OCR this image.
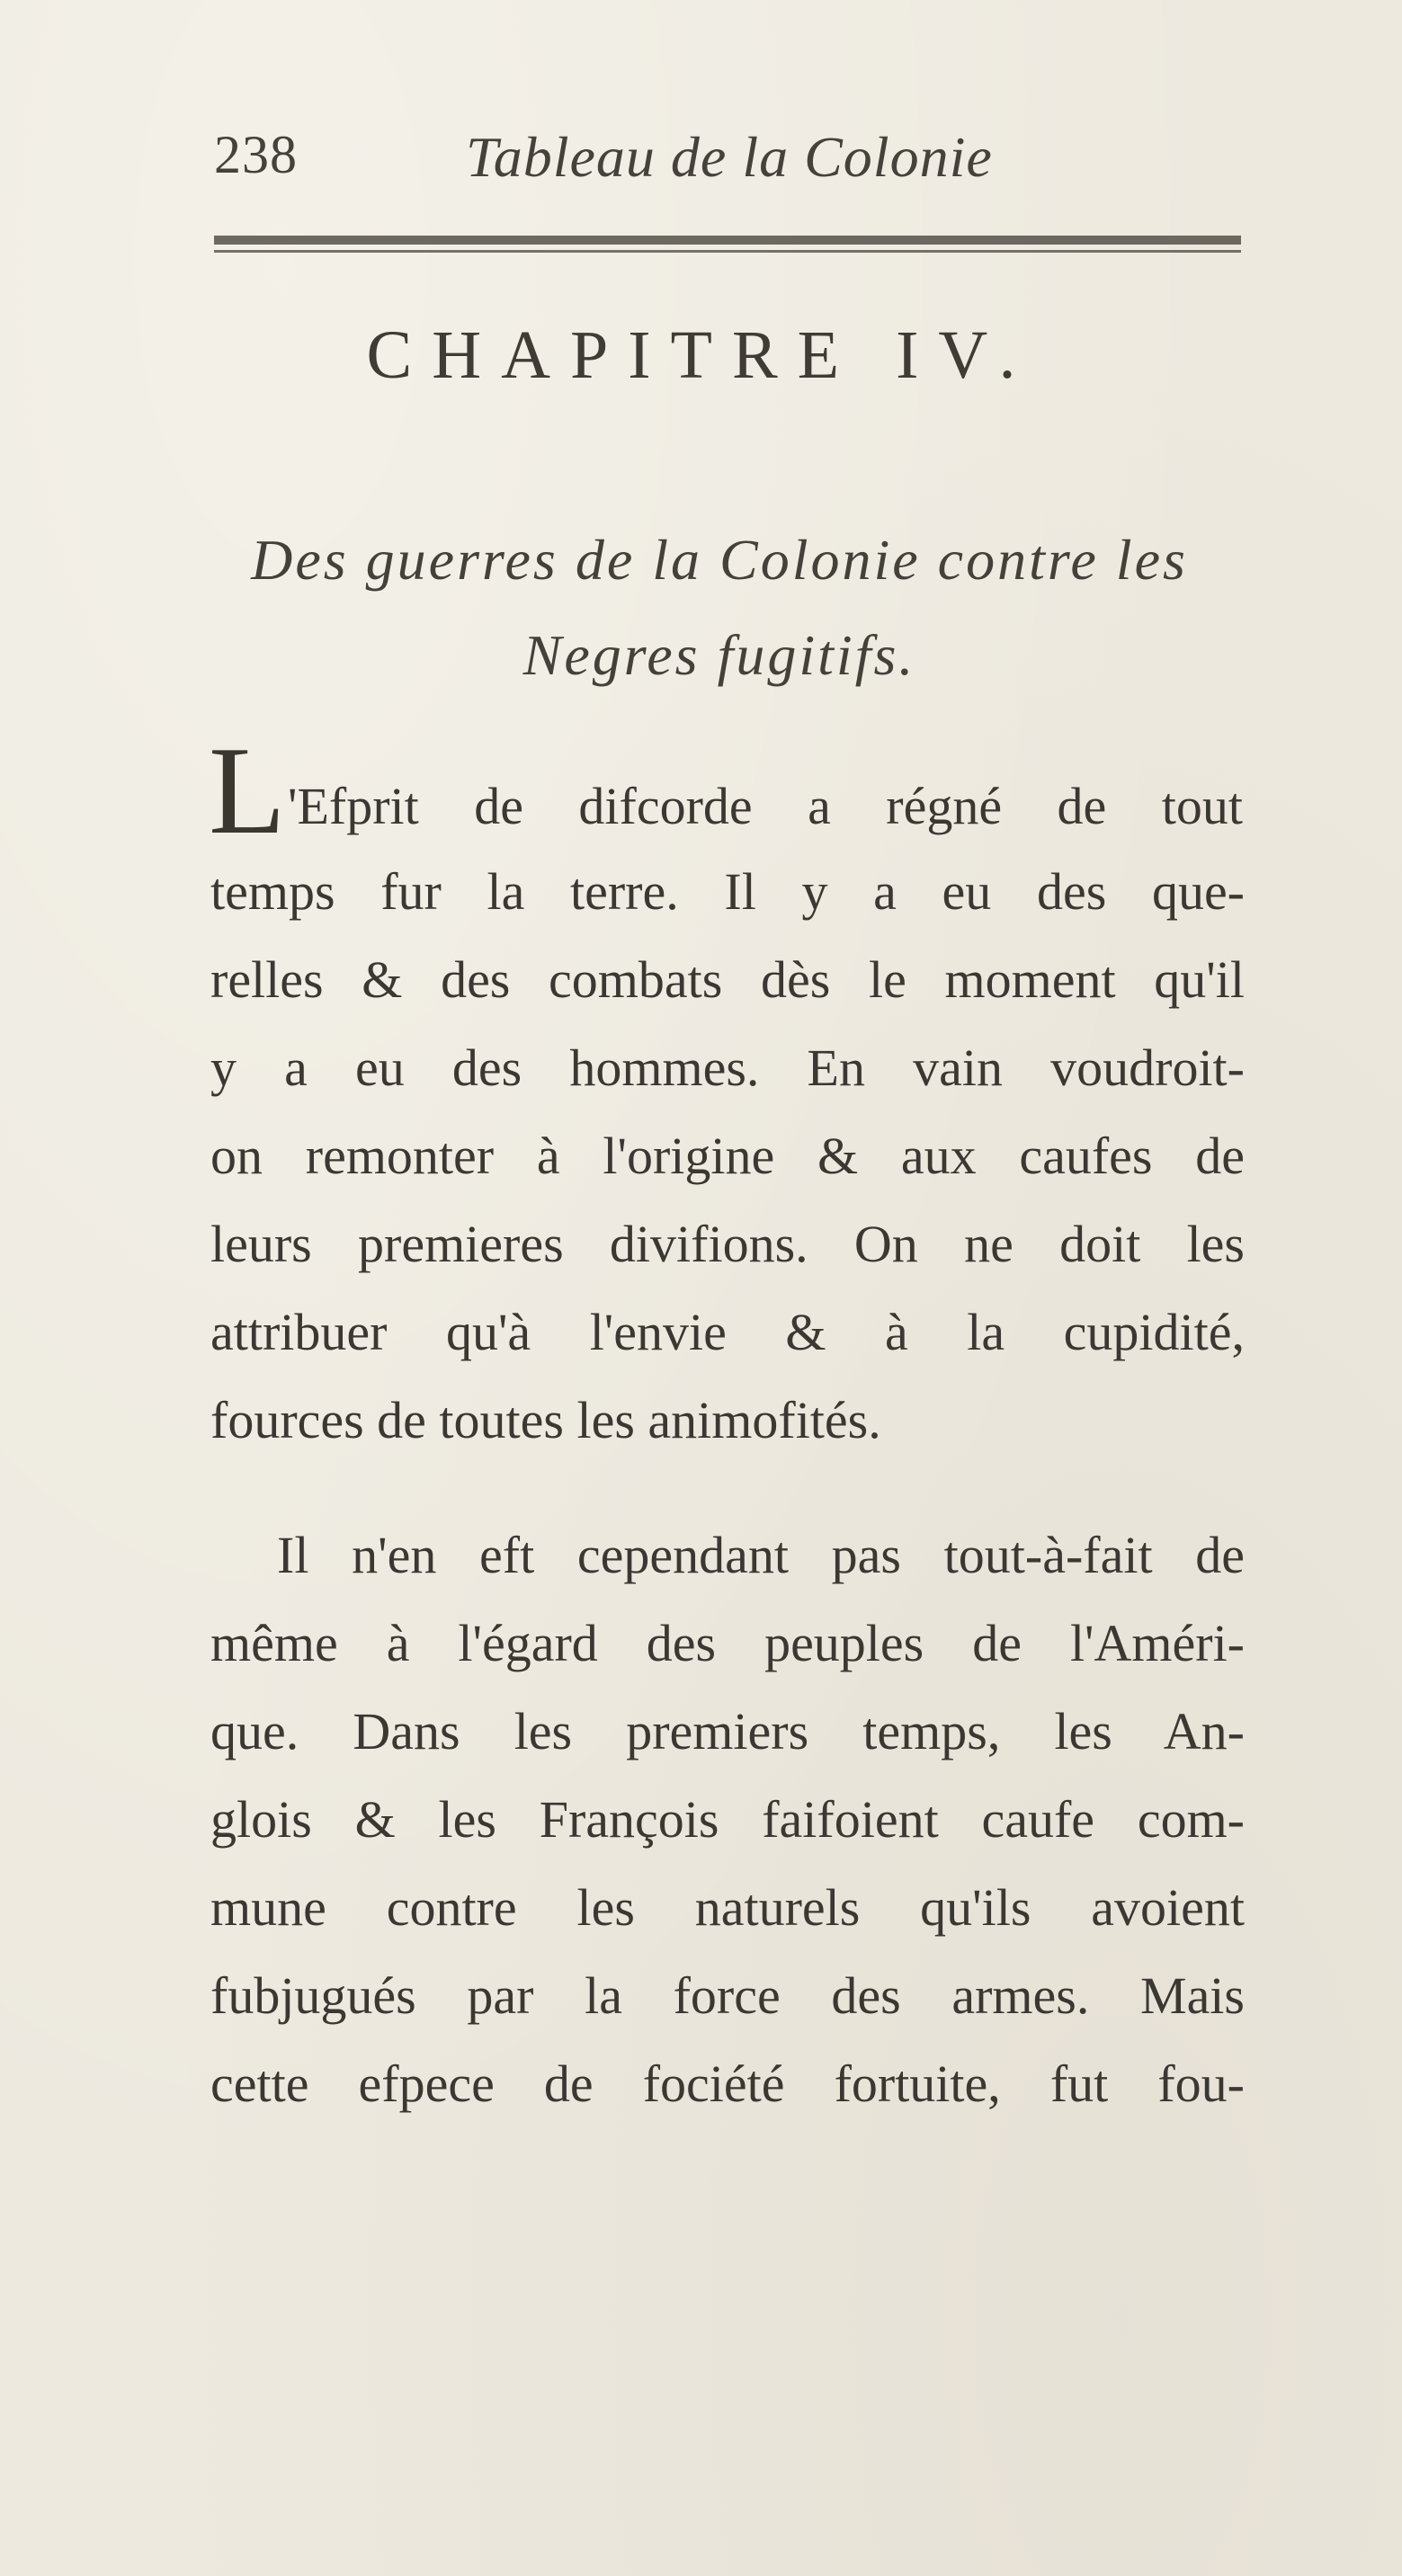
238	Tableau de la Colonie
CHAPITRE IV.
Des guerres de la Colonie contre les
Negres fugitifs.
L 'Efprit de difcorde a régné de tout
temps fur la terre. Il y a eu des que-
relles & des combats dès le moment qu'il
y a eu des hommes. En vain voudroit-
on remonter à l'origine & aux caufes de
leurs premieres divifions. On ne doit les
attribuer qu'à l'envie & à la cupidité,
fources de toutes les animofités.
Il n'en eft cependant pas tout-à-fait de
même à l'égard des peuples de l'Améri-
que. Dans les premiers temps, les An-
glois & les François faifoient caufe com-
mune contre les naturels qu'ils avoient
fubjugués par la force des armes. Mais
cette efpece de fociété fortuite, fut fou-
